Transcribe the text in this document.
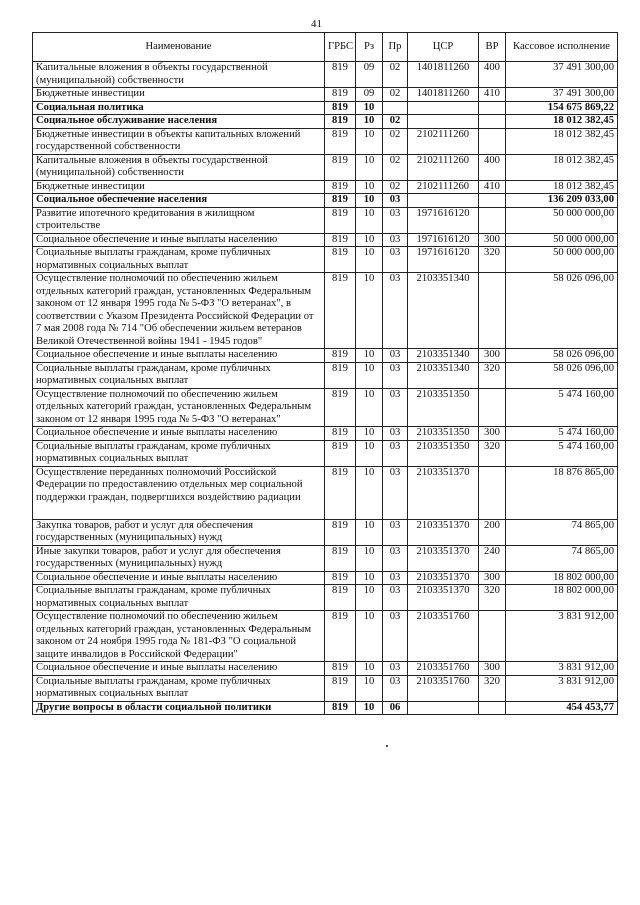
41
Наименование	ГРБС	Рз	Пр	ЦСР	ВР	Кассовое исполнение
Капитальные вложения в объекты государственной (муниципальной) собственности	819	09	02	1401811260	400	37 491 300,00
Бюджетные инвестиции	819	09	02	1401811260	410	37 491 300,00
Социальная политика	819	10				154 675 869,22
Социальное обслуживание населения	819	10	02			18 012 382,45
Бюджетные инвестиции в объекты капитальных вложений государственной собственности	819	10	02	2102111260		18 012 382,45
Капитальные вложения в объекты государственной (муниципальной) собственности	819	10	02	2102111260	400	18 012 382,45
Бюджетные инвестиции	819	10	02	2102111260	410	18 012 382,45
Социальное обеспечение населения	819	10	03			136 209 033,00
Развитие ипотечного кредитования в жилищном строительстве	819	10	03	1971616120		50 000 000,00
Социальное обеспечение и иные выплаты населению	819	10	03	1971616120	300	50 000 000,00
Социальные выплаты гражданам, кроме публичных нормативных социальных выплат	819	10	03	1971616120	320	50 000 000,00
Осуществление полномочий по обеспечению жильем отдельных категорий граждан, установленных Федеральным законом от 12 января 1995 года № 5-ФЗ "О ветеранах", в соответствии с Указом Президента Российской Федерации от 7 мая 2008 года № 714 "Об обеспечении жильем ветеранов Великой Отечественной войны 1941 - 1945 годов"	819	10	03	2103351340		58 026 096,00
Социальное обеспечение и иные выплаты населению	819	10	03	2103351340	300	58 026 096,00
Социальные выплаты гражданам, кроме публичных нормативных социальных выплат	819	10	03	2103351340	320	58 026 096,00
Осуществление полномочий по обеспечению жильем отдельных категорий граждан, установленных Федеральным законом от 12 января 1995 года № 5-ФЗ "О ветеранах"	819	10	03	2103351350		5 474 160,00
Социальное обеспечение и иные выплаты населению	819	10	03	2103351350	300	5 474 160,00
Социальные выплаты гражданам, кроме публичных нормативных социальных выплат	819	10	03	2103351350	320	5 474 160,00
Осуществление переданных полномочий Российской Федерации по предоставлению отдельных мер социальной поддержки граждан, подвергшихся воздействию радиации	819	10	03	2103351370		18 876 865,00
Закупка товаров, работ и услуг для обеспечения государственных (муниципальных) нужд	819	10	03	2103351370	200	74 865,00
Иные закупки товаров, работ и услуг для обеспечения государственных (муниципальных) нужд	819	10	03	2103351370	240	74 865,00
Социальное обеспечение и иные выплаты населению	819	10	03	2103351370	300	18 802 000,00
Социальные выплаты гражданам, кроме публичных нормативных социальных выплат	819	10	03	2103351370	320	18 802 000,00
Осуществление полномочий по обеспечению жильем отдельных категорий граждан, установленных Федеральным законом от 24 ноября 1995 года № 181-ФЗ "О социальной защите инвалидов в Российской Федерации"	819	10	03	2103351760		3 831 912,00
Социальное обеспечение и иные выплаты населению	819	10	03	2103351760	300	3 831 912,00
Социальные выплаты гражданам, кроме публичных нормативных социальных выплат	819	10	03	2103351760	320	3 831 912,00
Другие вопросы в области социальной политики	819	10	06			454 453,77
